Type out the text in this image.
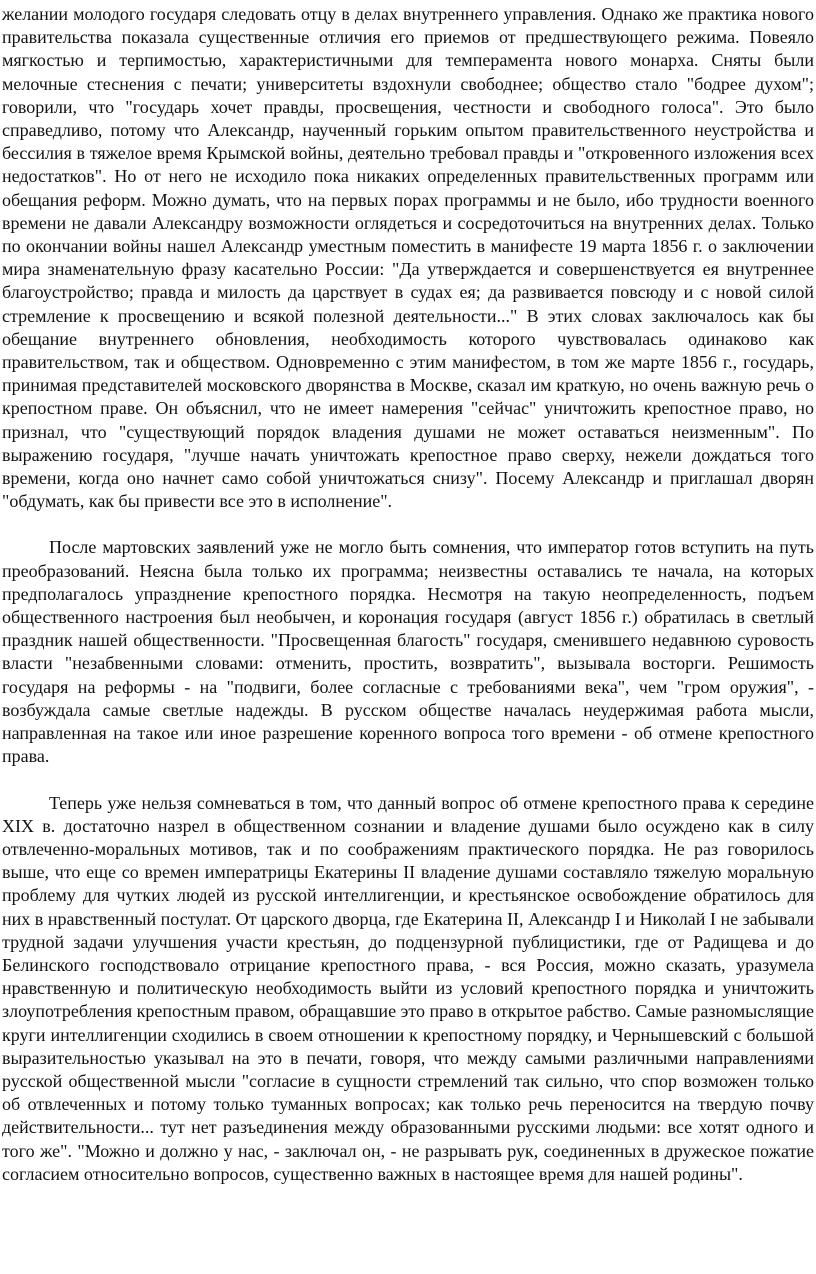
желании молодого государя следовать отцу в делах внутреннего управления. Однако же практика нового правительства показала существенные отличия его приемов от предшествующего режима. Повеяло мягкостью и терпимостью, характеристичными для темперамента нового монарха. Сняты были мелочные стеснения с печати; университеты вздохнули свободнее; общество стало "бодрее духом"; говорили, что "государь хочет правды, просвещения, честности и свободного голоса". Это было справедливо, потому что Александр, наученный горьким опытом правительственного неустройства и бессилия в тяжелое время Крымской войны, деятельно требовал правды и "откровенного изложения всех недостатков". Но от него не исходило пока никаких определенных правительственных программ или обещания реформ. Можно думать, что на первых порах программы и не было, ибо трудности военного времени не давали Александру возможности оглядеться и сосредоточиться на внутренних делах. Только по окончании войны нашел Александр уместным поместить в манифесте 19 марта 1856 г. о заключении мира знаменательную фразу касательно России: "Да утверждается и совершенствуется ея внутреннее благоустройство; правда и милость да царствует в судах ея; да развивается повсюду и с новой силой стремление к просвещению и всякой полезной деятельности..." В этих словах заключалось как бы обещание внутреннего обновления, необходимость которого чувствовалась одинаково как правительством, так и обществом. Одновременно с этим манифестом, в том же марте 1856 г., государь, принимая представителей московского дворянства в Москве, сказал им краткую, но очень важную речь о крепостном праве. Он объяснил, что не имеет намерения "сейчас" уничтожить крепостное право, но признал, что "существующий порядок владения душами не может оставаться неизменным". По выражению государя, "лучше начать уничтожать крепостное право сверху, нежели дождаться того времени, когда оно начнет само собой уничтожаться снизу". Посему Александр и приглашал дворян "обдумать, как бы привести все это в исполнение".

После мартовских заявлений уже не могло быть сомнения, что император готов вступить на путь преобразований. Неясна была только их программа; неизвестны оставались те начала, на которых предполагалось упразднение крепостного порядка. Несмотря на такую неопределенность, подъем общественного настроения был необычен, и коронация государя (август 1856 г.) обратилась в светлый праздник нашей общественности. "Просвещенная благость" государя, сменившего недавнюю суровость власти "незабвенными словами: отменить, простить, возвратить", вызывала восторги. Решимость государя на реформы - на "подвиги, более согласные с требованиями века", чем "гром оружия", - возбуждала самые светлые надежды. В русском обществе началась неудержимая работа мысли, направленная на такое или иное разрешение коренного вопроса того времени - об отмене крепостного права.

Теперь уже нельзя сомневаться в том, что данный вопрос об отмене крепостного права к середине XIX в. достаточно назрел в общественном сознании и владение душами было осуждено как в силу отвлеченно-моральных мотивов, так и по соображениям практического порядка. Не раз говорилось выше, что еще со времен императрицы Екатерины II владение душами составляло тяжелую моральную проблему для чутких людей из русской интеллигенции, и крестьянское освобождение обратилось для них в нравственный постулат. От царского дворца, где Екатерина II, Александр I и Николай I не забывали трудной задачи улучшения участи крестьян, до подцензурной публицистики, где от Радищева и до Белинского господствовало отрицание крепостного права, - вся Россия, можно сказать, уразумела нравственную и политическую необходимость выйти из условий крепостного порядка и уничтожить злоупотребления крепостным правом, обращавшие это право в открытое рабство. Самые разномыслящие круги интеллигенции сходились в своем отношении к крепостному порядку, и Чернышевский с большой выразительностью указывал на это в печати, говоря, что между самыми различными направлениями русской общественной мысли "согласие в сущности стремлений так сильно, что спор возможен только об отвлеченных и потому только туманных вопросах; как только речь переносится на твердую почву действительности... тут нет разъединения между образованными русскими людьми: все хотят одного и того же". "Можно и должно у нас, - заключал он, - не разрывать рук, соединенных в дружеское пожатие согласием относительно вопросов, существенно важных в настоящее время для нашей родины".
